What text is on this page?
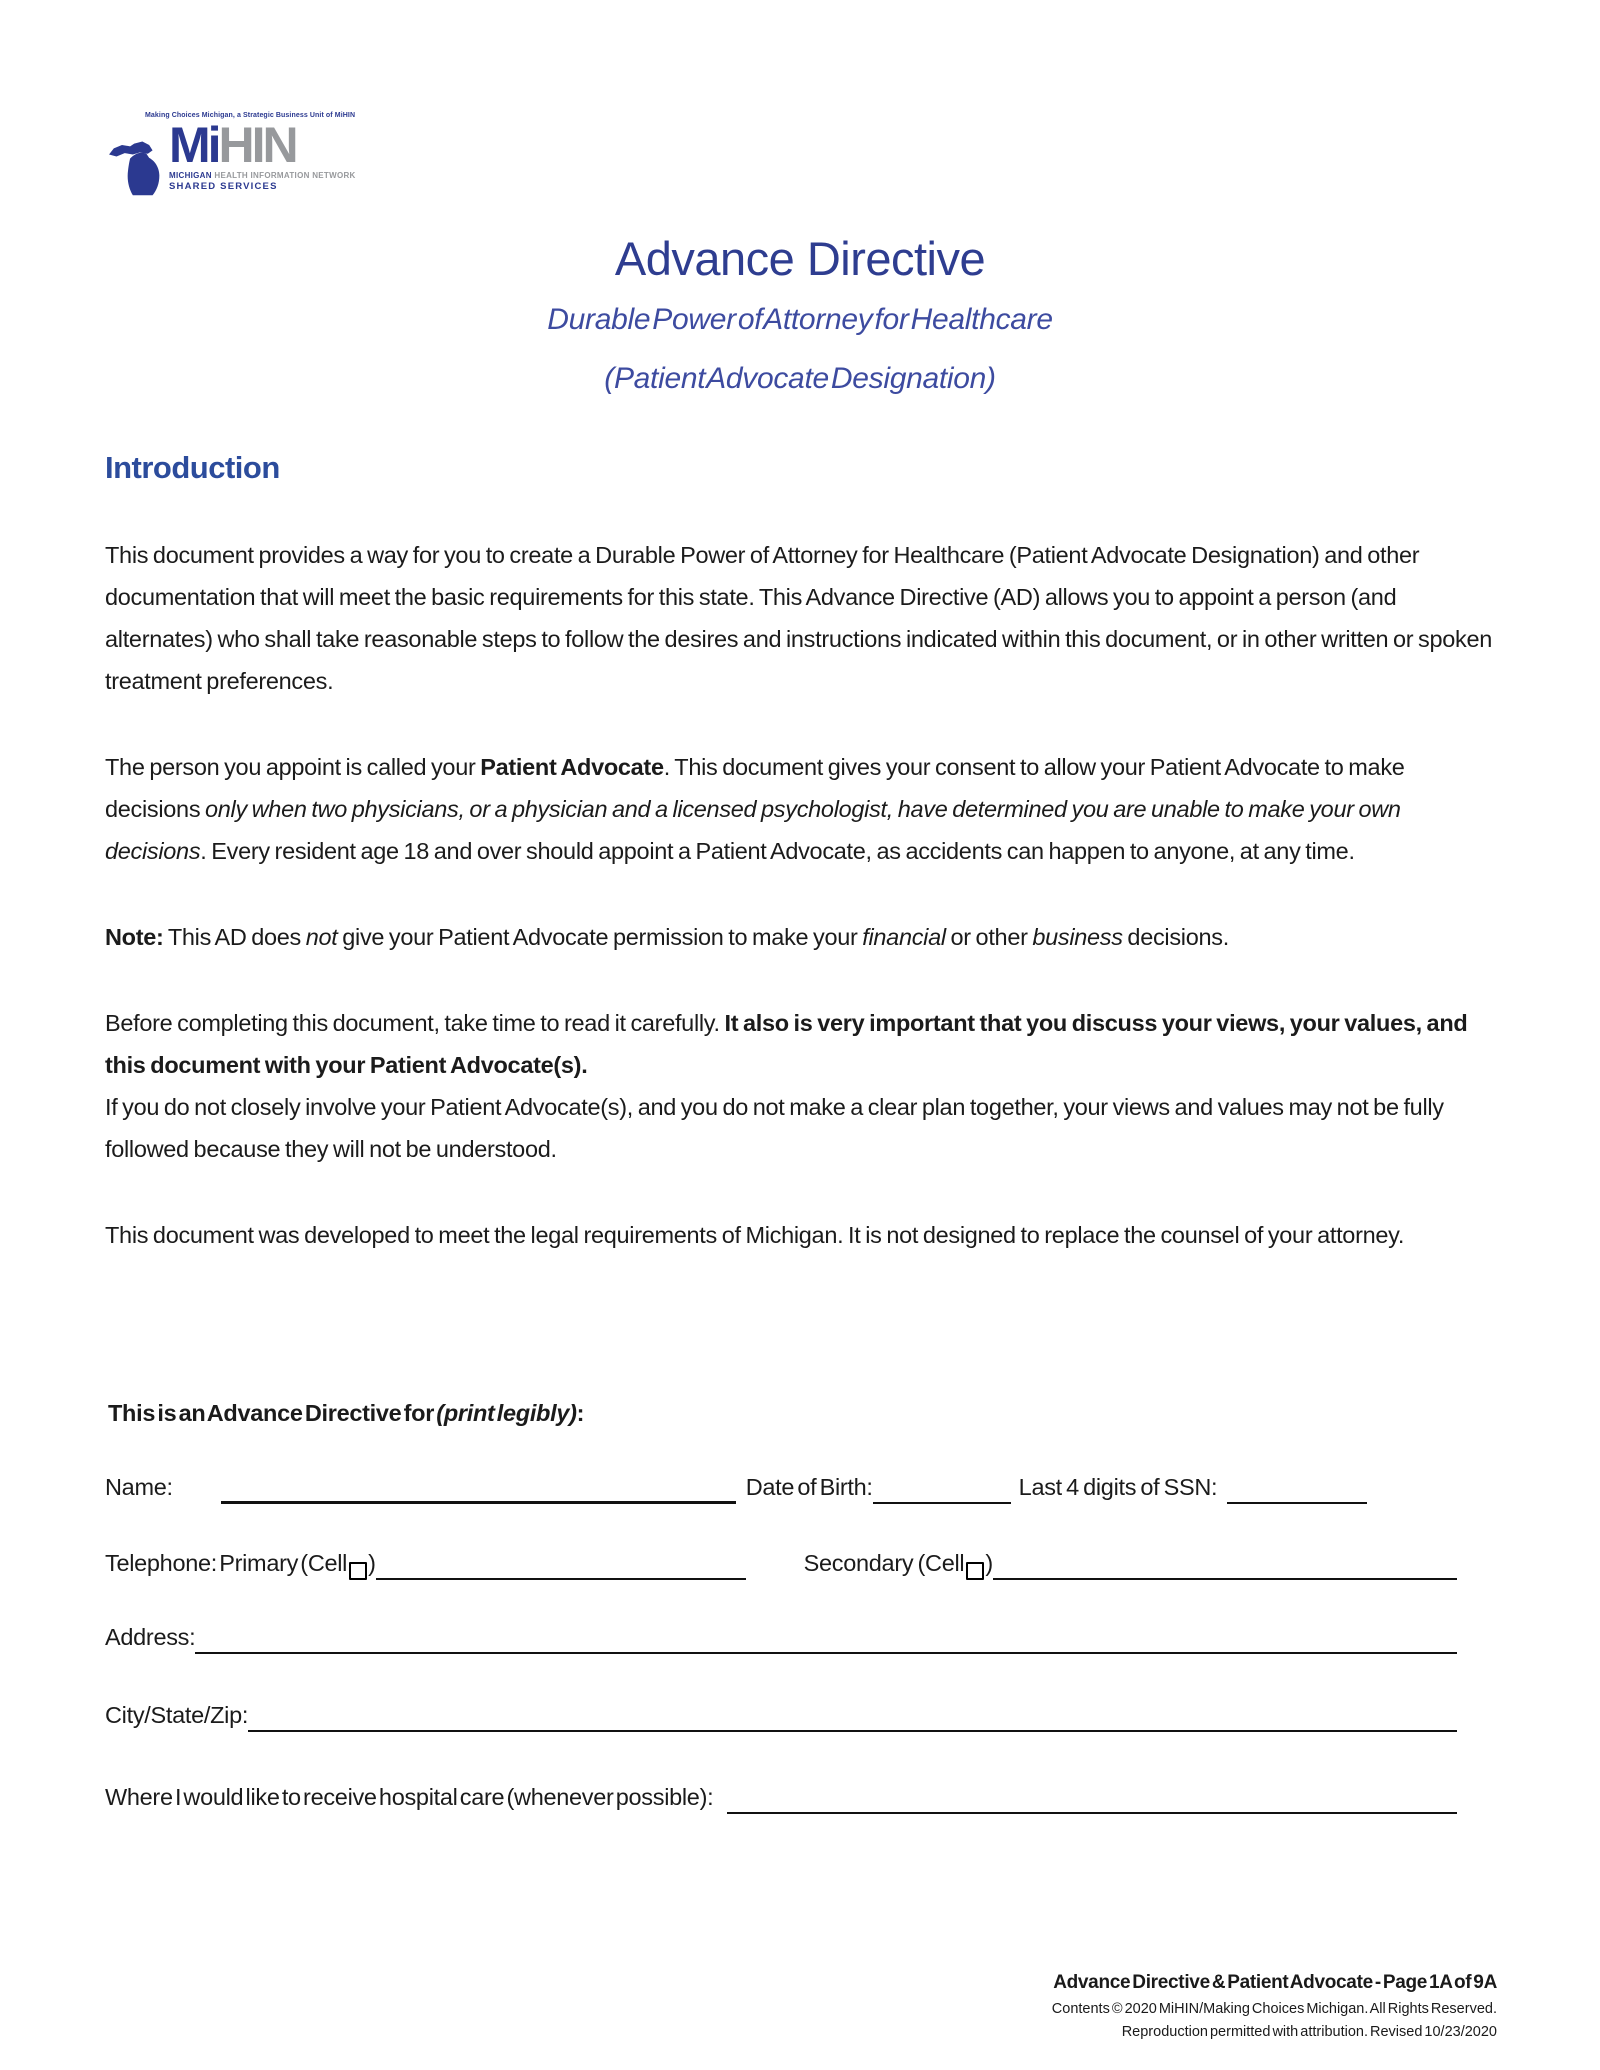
Making Choices Michigan, a Strategic Business Unit of MiHIN
MiHIN
MICHIGAN HEALTH INFORMATION NETWORK
SHARED SERVICES
Advance Directive
Durable Power of Attorney for Healthcare
(Patient Advocate Designation)
Introduction

This document provides a way for you to create a Durable Power of Attorney for Healthcare (Patient Advocate Designation) and other documentation that will meet the basic requirements for this state. This Advance Directive (AD) allows you to appoint a person (and alternates) who shall take reasonable steps to follow the desires and instructions indicated within this document, or in other written or spoken treatment preferences.

The person you appoint is called your Patient Advocate. This document gives your consent to allow your Patient Advocate to make decisions only when two physicians, or a physician and a licensed psychologist, have determined you are unable to make your own decisions. Every resident age 18 and over should appoint a Patient Advocate, as accidents can happen to anyone, at any time.

Note: This AD does not give your Patient Advocate permission to make your financial or other business decisions.

Before completing this document, take time to read it carefully. It also is very important that you discuss your views, your values, and this document with your Patient Advocate(s).
If you do not closely involve your Patient Advocate(s), and you do not make a clear plan together, your views and values may not be fully followed because they will not be understood.

This document was developed to meet the legal requirements of Michigan. It is not designed to replace the counsel of your attorney.

This is an Advance Directive for (print legibly):
Name:	Date of Birth:	Last 4 digits of SSN:
Telephone: Primary (Cell )	Secondary (Cell )
Address:
City/State/Zip:
Where I would like to receive hospital care (whenever possible):
Advance Directive & Patient Advocate - Page 1A of 9A
Contents © 2020 MiHIN/Making Choices Michigan. All Rights Reserved.
Reproduction permitted with attribution. Revised 10/23/2020
